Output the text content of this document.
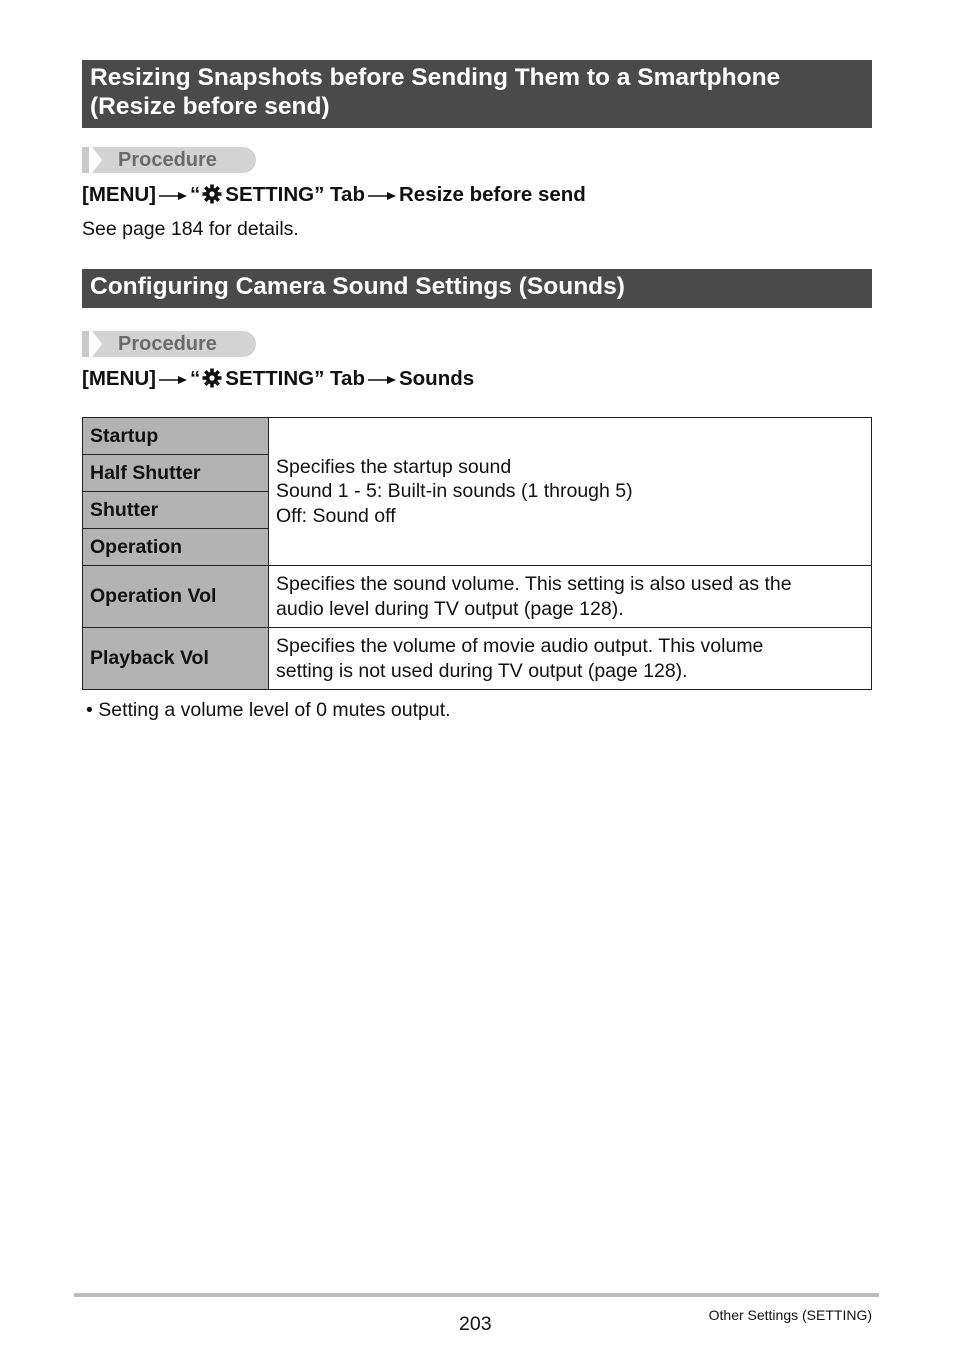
Resizing Snapshots before Sending Them to a Smartphone
(Resize before send)
Procedure
[MENU] “ SETTING” Tab Resize before send
See page 184 for details.
Configuring Camera Sound Settings (Sounds)
Procedure
[MENU] “ SETTING” Tab Sounds
Startup	Specifies the startup sound
Sound 1 - 5: Built-in sounds (1 through 5)
Off: Sound off

Half Shutter	
Shutter	
Operation	
Operation Vol	Specifies the sound volume. This setting is also used as the
audio level during TV output (page 128).

Playback Vol	Specifies the volume of movie audio output. This volume
setting is not used during TV output (page 128).
• Setting a volume level of 0 mutes output.
203	Other Settings (SETTING)
